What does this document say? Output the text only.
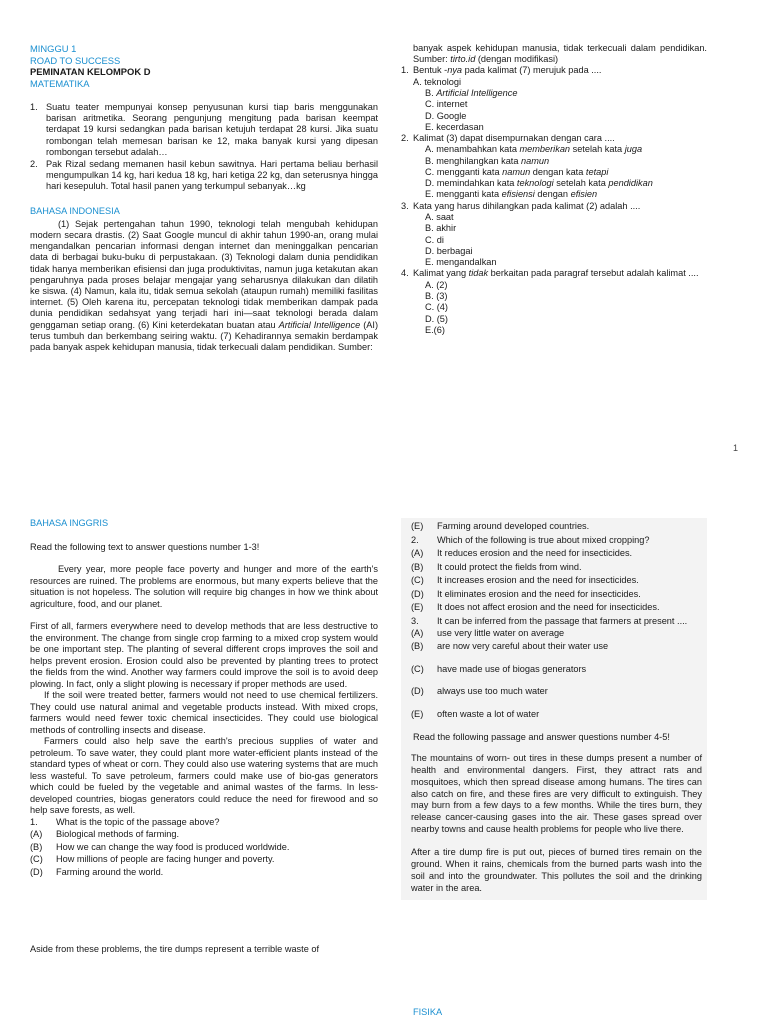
MINGGU 1
ROAD TO SUCCESS
PEMINATAN KELOMPOK D
MATEMATIKA
1. Suatu teater mempunyai konsep penyusunan kursi tiap baris menggunakan barisan aritmetika. Seorang pengunjung mengitung pada barisan keempat terdapat 19 kursi sedangkan pada barisan ketujuh terdapat 28 kursi. Jika suatu rombongan telah memesan barisan ke 12, maka banyak kursi yang dipesan rombongan tersebut adalah…
2. Pak Rizal sedang memanen hasil kebun sawitnya. Hari pertama beliau berhasil mengumpulkan 14 kg, hari kedua 18 kg, hari ketiga 22 kg, dan seterusnya hingga hari kesepuluh. Total hasil panen yang terkumpul sebanyak…kg
BAHASA INDONESIA
(1) Sejak pertengahan tahun 1990, teknologi telah mengubah kehidupan modern secara drastis. (2) Saat Google muncul di akhir tahun 1990-an, orang mulai mengandalkan pencarian informasi dengan internet dan meninggalkan pencarian data di berbagai buku-buku di perpustakaan. (3) Teknologi dalam dunia pendidikan tidak hanya memberikan efisiensi dan juga produktivitas, namun juga ketakutan akan pengaruhnya pada proses belajar mengajar yang seharusnya dilakukan dan dilatih ke siswa. (4) Namun, kala itu, tidak semua sekolah (ataupun rumah) memiliki fasilitas internet. (5) Oleh karena itu, percepatan teknologi tidak memberikan dampak pada dunia pendidikan sedahsyat yang terjadi hari ini—saat teknologi berada dalam genggaman setiap orang. (6) Kini keterdekatan buatan atau Artificial Intelligence (AI) terus tumbuh dan berkembang seiring waktu. (7) Kehadirannya semakin berdampak pada banyak aspek kehidupan manusia, tidak terkecuali dalam pendidikan. Sumber:
banyak aspek kehidupan manusia, tidak terkecuali dalam pendidikan. Sumber: tirto.id (dengan modifikasi)
1. Bentuk -nya pada kalimat (7) merujuk pada ....
A. teknologi
B. Artificial Intelligence
C. internet
D. Google
E. kecerdasan
2. Kalimat (3) dapat disempurnakan dengan cara ....
A. menambahkan kata memberikan setelah kata juga
B. menghilangkan kata namun
C. mengganti kata namun dengan kata tetapi
D. memindahkan kata teknologi setelah kata pendidikan
E. mengganti kata efisiensi dengan efisien
3. Kata yang harus dihilangkan pada kalimat (2) adalah ....
A. saat
B. akhir
C. di
D. berbagai
E. mengandalkan
4. Kalimat yang tidak berkaitan pada paragraf tersebut adalah kalimat ....
A. (2)
B. (3)
C. (4)
D. (5)
E.(6)
1
BAHASA INGGRIS
Read the following text to answer questions number 1-3!
Every year, more people face poverty and hunger and more of the earth's resources are ruined. The problems are enormous, but many experts believe that the situation is not hopeless. The solution will require big changes in how we think about agriculture, food, and our planet.
First of all, farmers everywhere need to develop methods that are less destructive to the environment. The change from single crop farming to a mixed crop system would be one important step. The planting of several different crops improves the soil and helps prevent erosion. Erosion could also be prevented by planting trees to protect the fields from the wind. Another way farmers could improve the soil is to avoid deep plowing. In fact, only a slight plowing is necessary if proper methods are used.
If the soil were treated better, farmers would not need to use chemical fertilizers. They could use natural animal and vegetable products instead. With mixed crops, farmers would need fewer toxic chemical insecticides. They could use biological methods of controlling insects and disease.
Farmers could also help save the earth's precious supplies of water and petroleum. To save water, they could plant more water-efficient plants instead of the standard types of wheat or corn. They could also use watering systems that are much less wasteful. To save petroleum, farmers could make use of bio-gas generators which could be fueled by the vegetable and animal wastes of the farms. In less-developed countries, biogas generators could reduce the need for firewood and so help save forests, as well.
1.	What is the topic of the passage above?
(A)	Biological methods of farming.
(B)	How we can change the way food is produced worldwide.
(C)	How millions of people are facing hunger and poverty.
(D)	Farming around the world.
Aside from these problems, the tire dumps represent a terrible waste of
(E)	Farming around developed countries.
2.	Which of the following is true about mixed cropping?
(A)	It reduces erosion and the need for insecticides.
(B)	It could protect the fields from wind.
(C)	It increases erosion and the need for insecticides.
(D)	It eliminates erosion and the need for insecticides.
(E)	It does not affect erosion and the need for insecticides.
3.	It can be inferred from the passage that farmers at present ....
(A)	use very little water on average
(B)	are now very careful about their water use
(C)	have made use of biogas generators
(D)	always use too much water
(E)	often waste a lot of water
Read the following passage and answer questions number 4-5!
The mountains of worn- out tires in these dumps present a number of health and environmental dangers. First, they attract rats and mosquitoes, which then spread disease among humans. The tires can also catch on fire, and these fires are very difficult to extinguish. They may burn from a few days to a few months. While the tires burn, they release cancer-causing gases into the air. These gases spread over nearby towns and cause health problems for people who live there.
After a tire dump fire is put out, pieces of burned tires remain on the ground. When it rains, chemicals from the burned parts wash into the soil and into the groundwater. This pollutes the soil and the drinking water in the area.
FISIKA
